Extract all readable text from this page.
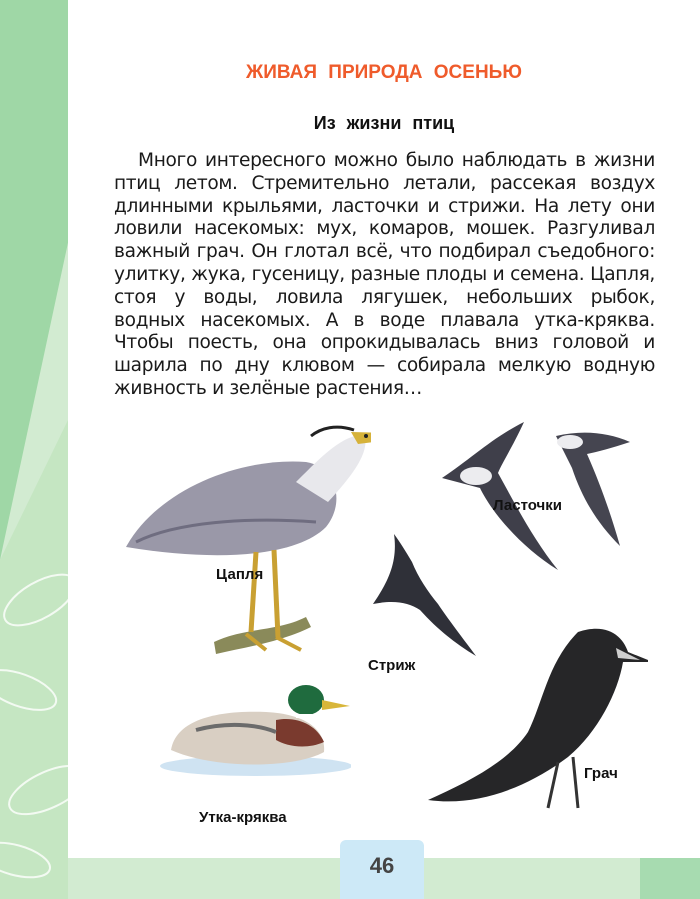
ЖИВАЯ ПРИРОДА ОСЕНЬЮ
Из жизни птиц

Много интересного можно было наблюдать в жизни птиц летом. Стремительно летали, рассекая воздух длинными крыльями, ласточки и стрижи. На лету они ловили насекомых: мух, комаров, мошек. Разгуливал важный грач. Он глотал всё, что подбирал съедобного: улитку, жука, гусеницу, разные плоды и семена. Цапля, стоя у воды, ловила лягушек, небольших рыбок, водных насекомых. А в воде плавала утка-кряква. Чтобы поесть, она опрокидывалась вниз головой и шарила по дну клювом — собирала мелкую водную живность и зелёные растения…

Цапля
Ласточки
Стриж
Грач
Утка-кряква
46
